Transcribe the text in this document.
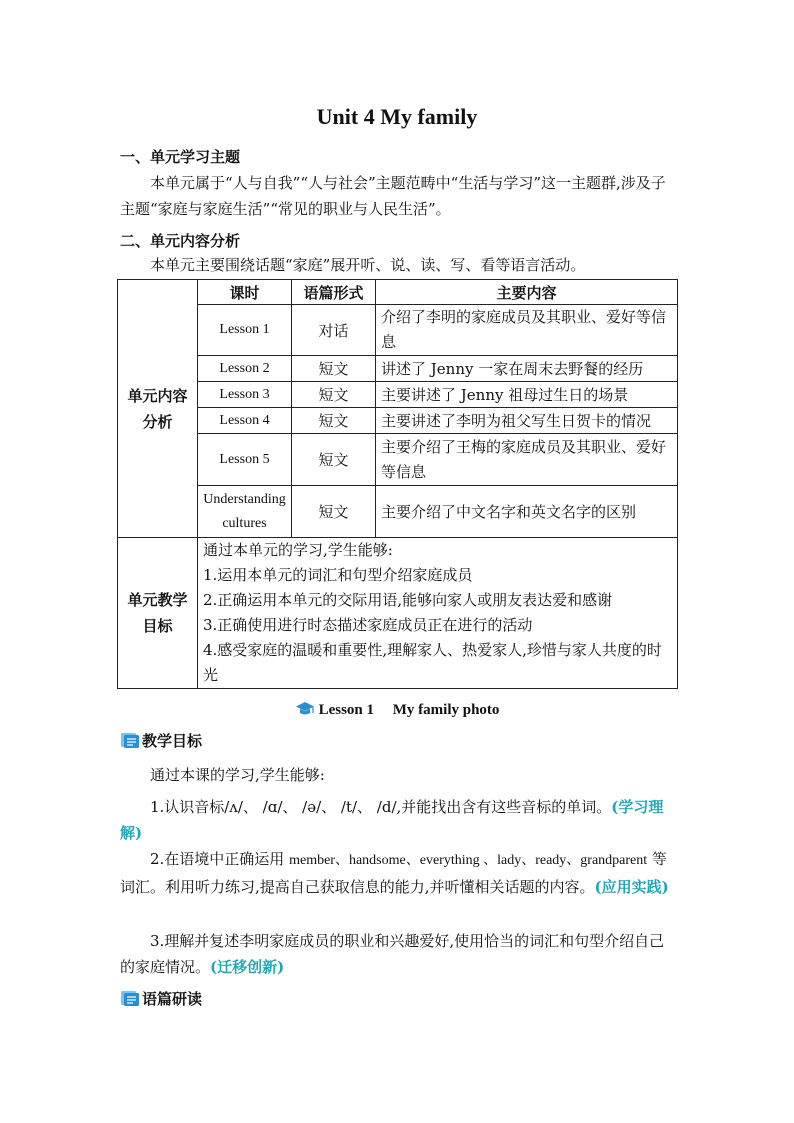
Unit 4 My family
一、单元学习主题
本单元属于“人与自我”“人与社会”主题范畴中“生活与学习”这一主题群,涉及子主题“家庭与家庭生活”“常见的职业与人民生活”。
二、单元内容分析
本单元主要围绕话题“家庭”展开听、说、读、写、看等语言活动。
单元内容分析	课时	语篇形式	主要内容
	Lesson 1	对话	介绍了李明的家庭成员及其职业、爱好等信息
	Lesson 2	短文	讲述了 Jenny 一家在周末去野餐的经历
	Lesson 3	短文	主要讲述了 Jenny 祖母过生日的场景
	Lesson 4	短文	主要讲述了李明为祖父写生日贺卡的情况
	Lesson 5	短文	主要介绍了王梅的家庭成员及其职业、爱好等信息
	Understanding cultures	短文	主要介绍了中文名字和英文名字的区别
单元教学目标	通过本单元的学习,学生能够:
1.运用本单元的词汇和句型介绍家庭成员
2.正确运用本单元的交际用语,能够向家人或朋友表达爱和感谢
3.正确使用进行时态描述家庭成员正在进行的活动
4.感受家庭的温暖和重要性,理解家人、热爱家人,珍惜与家人共度的时光		
Lesson 1　 My family photo
教学目标
通过本课的学习,学生能够:
1.认识音标/ʌ/、 /ɑ/、 /ə/、 /t/、 /d/,并能找出含有这些音标的单词。(学习理解)
2.在语境中正确运用 member、handsome、everything 、lady、ready、grandparent 等词汇。利用听力练习,提高自己获取信息的能力,并听懂相关话题的内容。(应用实践)
3.理解并复述李明家庭成员的职业和兴趣爱好,使用恰当的词汇和句型介绍自己的家庭情况。(迁移创新)
语篇研读
